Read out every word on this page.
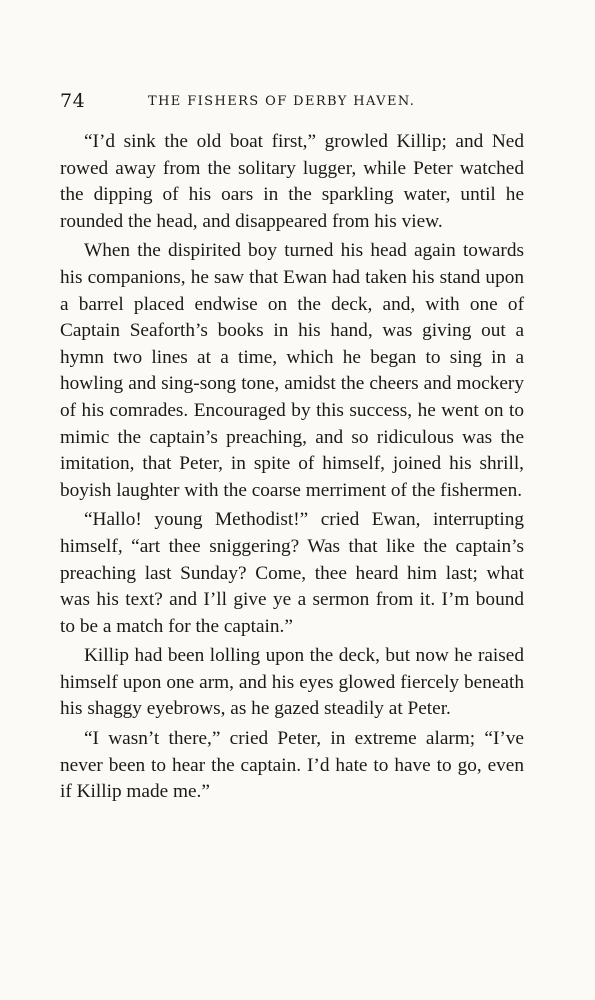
74	THE FISHERS OF DERBY HAVEN.

“I’d sink the old boat first,” growled Killip; and Ned rowed away from the solitary lugger, while Peter watched the dipping of his oars in the sparkling water, until he rounded the head, and disappeared from his view.

When the dispirited boy turned his head again towards his companions, he saw that Ewan had taken his stand upon a barrel placed endwise on the deck, and, with one of Captain Seaforth’s books in his hand, was giving out a hymn two lines at a time, which he began to sing in a howling and sing-song tone, amidst the cheers and mockery of his comrades. Encouraged by this success, he went on to mimic the captain’s preaching, and so ridiculous was the imitation, that Peter, in spite of himself, joined his shrill, boyish laughter with the coarse merriment of the fishermen.

“Hallo! young Methodist!” cried Ewan, interrupting himself, “art thee sniggering? Was that like the captain’s preaching last Sunday? Come, thee heard him last; what was his text? and I’ll give ye a sermon from it. I’m bound to be a match for the captain.”

Killip had been lolling upon the deck, but now he raised himself upon one arm, and his eyes glowed fiercely beneath his shaggy eyebrows, as he gazed steadily at Peter.

“I wasn’t there,” cried Peter, in extreme alarm; “I’ve never been to hear the captain. I’d hate to have to go, even if Killip made me.”
